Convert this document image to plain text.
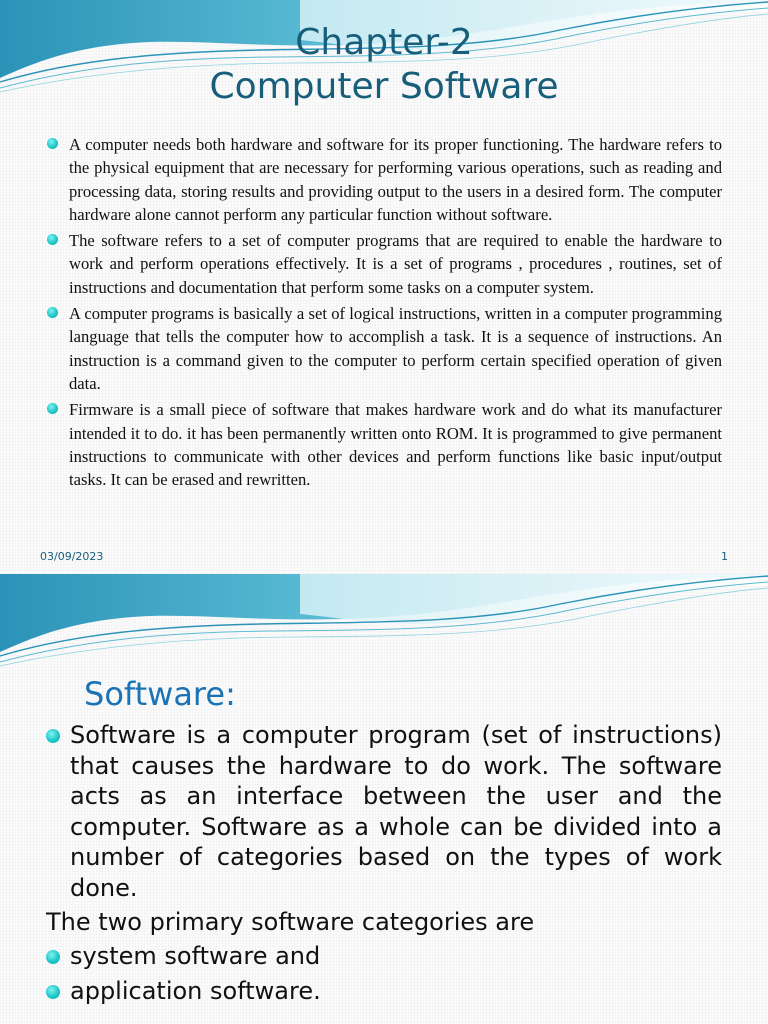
Chapter-2
Computer Software
A computer needs both hardware and software for its proper functioning. The hardware refers to the physical equipment that are necessary for performing various operations, such as reading and processing data, storing results and providing output to the users in a desired form. The computer hardware alone cannot perform any particular function without software.
The software refers to a set of computer programs that are required to enable the hardware to work and perform operations effectively. It is a set of programs , procedures , routines, set of instructions and documentation that perform some tasks on a computer system.
A computer programs is basically a set of logical instructions, written in a computer programming language that tells the computer how to accomplish a task. It is a sequence of instructions. An instruction is a command given to the computer to perform certain specified operation of given data.
Firmware is a small piece of software that makes hardware work and do what its manufacturer intended it to do. it has been permanently written onto ROM. It is programmed to give permanent instructions to communicate with other devices and perform functions like basic input/output tasks. It can be erased and rewritten.
03/09/2023	1
Software:
Software is a computer program (set of instructions) that causes the hardware to do work. The software acts as an interface between the user and the computer. Software as a whole can be divided into a number of categories based on the types of work done.
The two primary software categories are
system software and
application software.
